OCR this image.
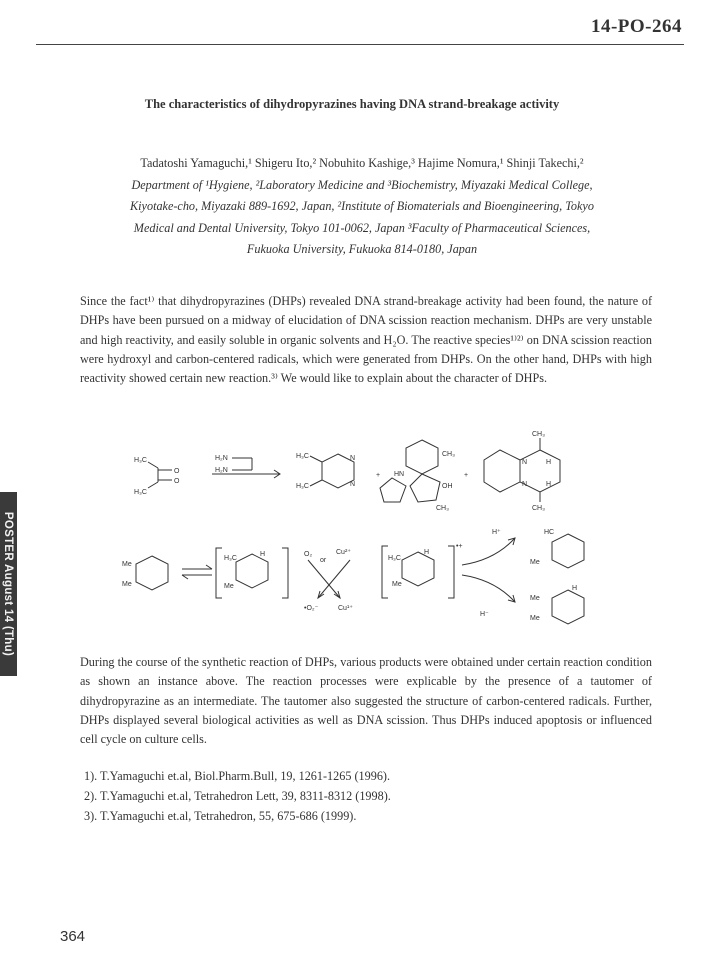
14-PO-264
The characteristics of dihydropyrazines having DNA strand-breakage activity
Tadatoshi Yamaguchi,¹ Shigeru Ito,² Nobuhito Kashige,³ Hajime Nomura,¹ Shinji Takechi,²
Department of ¹Hygiene, ²Laboratory Medicine and ³Biochemistry, Miyazaki Medical College,
Kiyotake-cho, Miyazaki 889-1692, Japan, ²Institute of Biomaterials and Bioengineering, Tokyo
Medical and Dental University, Tokyo 101-0062, Japan ³Faculty of Pharmaceutical Sciences,
Fukuoka University, Fukuoka 814-0180, Japan
Since the fact¹⁾ that dihydropyrazines (DHPs) revealed DNA strand-breakage activity had been found, the nature of DHPs have been pursued on a midway of elucidation of DNA scission reaction mechanism. DHPs are very unstable and high reactivity, and easily soluble in organic solvents and H₂O. The reactive species¹⁾²⁾ on DNA scission reaction were hydroxyl and carbon-centered radicals, which were generated from DHPs. On the other hand, DHPs with high reactivity showed certain new reaction.³⁾ We would like to explain about the character of DHPs.
H₃C
O
O
H₃C
H₂N
H₂N
H₃C
H₃C
N
N
+ HN
CH₃
OH
CH₃
+
CH₃
H
N
N	H
CH₃
Me
Me
H₃C
H
Me
O₂
or
Cu²⁺
•O₂⁻	Cu¹⁺
H₃C
H
•+
Me
H⁺
H⁻
HC
Me
Me
H
Me
During the course of the synthetic reaction of DHPs, various products were obtained under certain reaction condition as shown an instance above. The reaction processes were explicable by the presence of a tautomer of dihydropyrazine as an intermediate. The tautomer also suggested the structure of carbon-centered radicals. Further, DHPs displayed several biological activities as well as DNA scission. Thus DHPs induced apoptosis or influenced cell cycle on culture cells.
1). T.Yamaguchi et.al, Biol.Pharm.Bull, 19, 1261-1265 (1996).
2). T.Yamaguchi et.al, Tetrahedron Lett, 39, 8311-8312 (1998).
3). T.Yamaguchi et.al, Tetrahedron, 55, 675-686 (1999).
POSTER August 14 (Thu)
364
